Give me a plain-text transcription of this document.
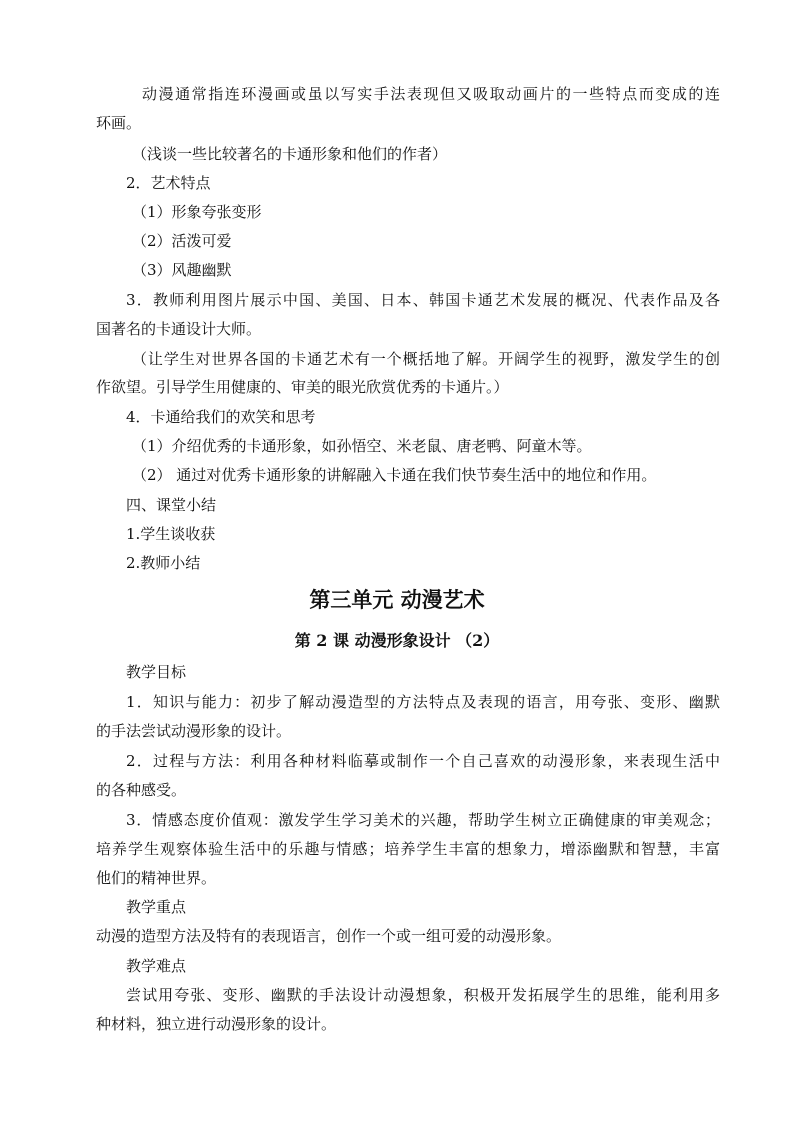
动漫通常指连环漫画或虽以写实手法表现但又吸取动画片的一些特点而变成的连
环画。
（浅谈一些比较著名的卡通形象和他们的作者）
2．艺术特点
（1）形象夸张变形
（2）活泼可爱
（3）风趣幽默
3．教师利用图片展示中国、美国、日本、韩国卡通艺术发展的概况、代表作品及各
国著名的卡通设计大师。
（让学生对世界各国的卡通艺术有一个概括地了解。开阔学生的视野，激发学生的创
作欲望。引导学生用健康的、审美的眼光欣赏优秀的卡通片。）
4．卡通给我们的欢笑和思考
（1）介绍优秀的卡通形象，如孙悟空、米老鼠、唐老鸭、阿童木等。
（2） 通过对优秀卡通形象的讲解融入卡通在我们快节奏生活中的地位和作用。
四、课堂小结
1.学生谈收获
2.教师小结
第三单元 动漫艺术
第 2 课 动漫形象设计 （2）
教学目标
1．知识与能力：初步了解动漫造型的方法特点及表现的语言，用夸张、变形、幽默
的手法尝试动漫形象的设计。
2．过程与方法：利用各种材料临摹或制作一个自己喜欢的动漫形象，来表现生活中
的各种感受。
3．情感态度价值观：激发学生学习美术的兴趣，帮助学生树立正确健康的审美观念；
培养学生观察体验生活中的乐趣与情感；培养学生丰富的想象力，增添幽默和智慧，丰富
他们的精神世界。
教学重点
动漫的造型方法及特有的表现语言，创作一个或一组可爱的动漫形象。
教学难点
尝试用夸张、变形、幽默的手法设计动漫想象，积极开发拓展学生的思维，能利用多
种材料，独立进行动漫形象的设计。
